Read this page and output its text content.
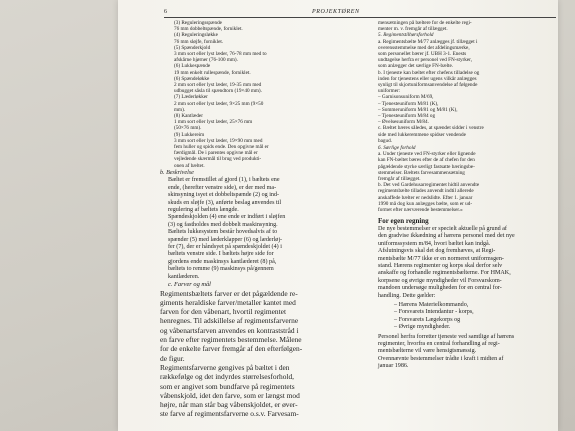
6	PROJEKTØREN

(3) Reguleringsspænde

76 mm dobbeltspænde, forniklet.

(4) Reguleringsløkke

76 mm sløjfe, forniklet.

(5) Spænderkjold

3 mm sort eller lyst læder, 76-78 mm med to

afskårne hjørner (76-100 mm).

(6) Lukkespænde

19 mm enkelt rullespænde, forniklet.

(6) Spændeløkke

2 mm sort eller lyst læder, 19-35 mm med

udbugget såsla til spændtorn (19×40 mm).

(7) Læderløkker

2 mm sort eller lyst læder, 9×25 mm (9×50

mm).

(8) Kantlæder

1 mm sort eller lyst læder, 25×76 mm

(50×76 mm).

(9) Lukkereim

3 mm sort eller lyst læder, 19×90 mm med

fem huller og spids ende. Den opgivne mål er

færdigmål. De i parentes opgivne mål er

vejledende skærmål til brug ved produkti-

onen af bæltet.

b. Beskrivelse

Bæltet er fremstillet af gjord (1), i bæltets ene

ende, (herefter venstre side), er der med ma-

skinsyning isyet et dobbeltspænde (2) og ind-

skuds en sløjfe (3), anførte beslag anvendes til

regulering af bæltets længde.

Spændeskjolden (4) ene ende er indført i sløjfen

(3) og fastholdes med dobbelt maskinsyning.

Bæltets lukkesystem består hovedsalvis af to

spænder (5) med læderklapper (6) og læderløj-

fer (7), der er håndsyet på spændeskjoldet (4) i

bæltets venstre side. I bæltets højre side for

gjordens ende maskinsys kantlæderet (8) på,

bæltets to remme (9) maskinsys på/gennem

kantlæderen.

c. Farver og mål

Regimentsbæltets farver er det pågældende re-

giments heraldiske farver/metaller kantet med

farven for den våbenart, hvortil regimentet

henregnes. Til adskillelse af regimentsfarverne

og våbenartsfarven anvendes en kontraststråd i

en farve efter regimentets bestemmelse. Målene

for de enkelte farver fremgår af den efterfølgen-

de figur.

Regimentsfarverne gengives på bæltet i den

rækkefølge og det indyrdes størrelsesforhold,

som er angivet som bundfarve på regimentets

våbenskjold, idet den farve, som er længst mod

højre, når man står bag våbenskjoldet, er øver-

ste farve af regimentsfarverne o.s.v. Farvesam-

mensætningen på bæltere for de enkelte regi-

menter m. v. fremgår af tillægget.

5. Regimentstilhørsforhold

a. Regimentsbælte M/77 anlægges jf. tillægget i

overensstemmelse med det afdelingsmærke,

som personellet bærer jf. UBH 3-1. Enests

undtagelse herfra er personel ved FN-styrker,

som anlægger det særlige FN-bælte.

b. I tjeneste kan bæltet efter chefens tilladelse og

inden for tjenestens eller ugens vilkår anlægges

synligt til skjortuniformsanvendelse af følgende

uniformer:

– Garnisonsuniform M/69,

– Tjenesteuniform M/81 (K),

– Sommeruniform M/81 og M/81 (K),

– Tjenesteuniform M/84 og

– Øvelsesuniform M/84.

c. Bæltet bæres således, at spændet sidder i venstre

side med lukkeremmene spidser vendende

bagud.

6. Særlige forhold

a. Under tjeneste ved FN-styrker eller lignende

kan FN-bæltet bæres efter de af chefen for den

pågældende styrke særligt fastsatte bæringsbe-

stemmelser. Bæltets farvesammensætning

fremgår af tillægget.

b. Det ved Gardehusarregimentet hidtil anvendte

regimentsbælte tillades anvendt indtil allerede

anskaffede bælter er nedslidte. Efter 1. januar

1990 må dog kun anlægges bælte, som er ud-

formet efter nærværende bestemmelser.»

For egen regning

De nye bestemmelser er specielt aktuelle på grund af

den gradvise ikkædning af hærens personel med det nye

uniformssystem m/84, hvori bæltet kan indgå.

Afslutningsvis skal det dog fremhæves, at Regi-

mentsbælte M/77 ikke er en normeret uniformsgen-

stand. Hærens regimenter og korps skal derfor selv

anskaffe og forhandle regimentsbælterne. For HMAK,

korpsene og øvrige myndigheder vil Forsvarskom-

mandoen undersøge muligheden for en central for-

handling. Dette gælder:

– Hærens Materielkommando,

– Forsvarets Intendantur - korps,

– Forsvarets Lægekorps og

– Øvrige myndigheder.

Personel herfra forretter tjeneste ved samtlige af hærens

regimenter, hvorfra en central forhandling af regi-

mentsbælterne vil være hensigtsmæssig.

Ovennævnte bestemmelser trådte i kraft i midten af

januar 1986.
